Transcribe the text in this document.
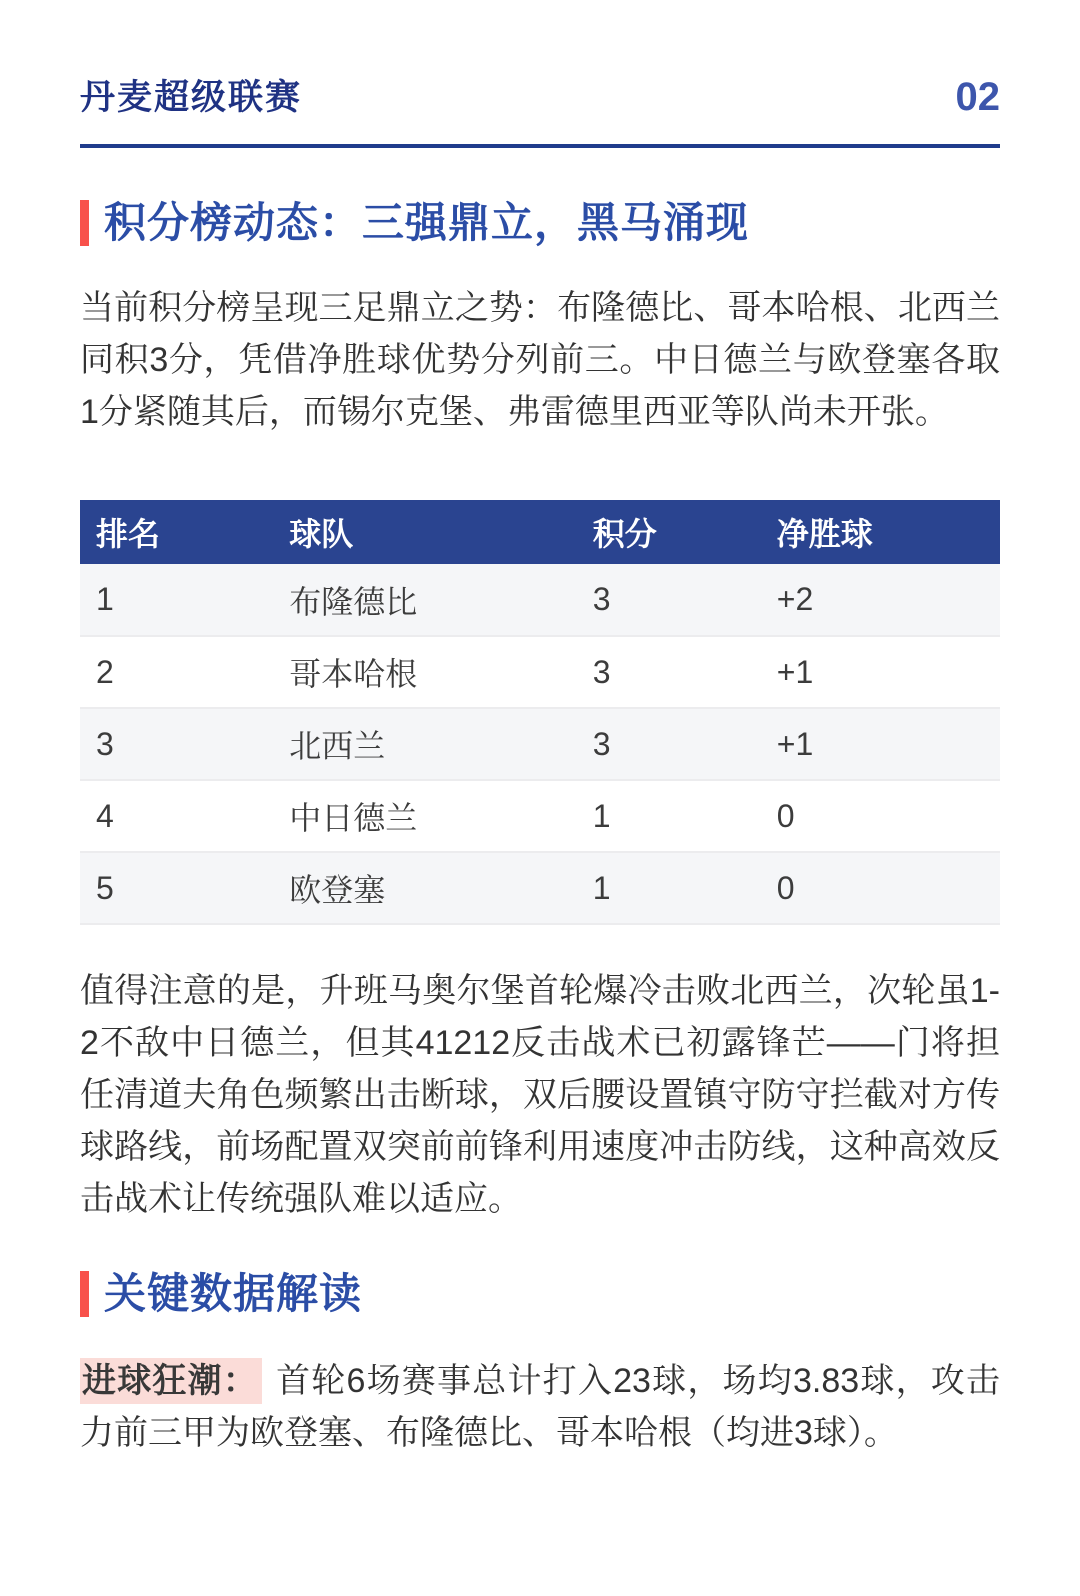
丹麦超级联赛	02
积分榜动态：三强鼎立，黑马涌现

当前积分榜呈现三足鼎立之势：布隆德比、哥本哈根、北西兰同积3分，凭借净胜球优势分列前三。中日德兰与欧登塞各取1分紧随其后，而锡尔克堡、弗雷德里西亚等队尚未开张。

排名	球队	积分	净胜球
1	布隆德比	3	+2
2	哥本哈根	3	+1
3	北西兰	3	+1
4	中日德兰	1	0
5	欧登塞	1	0

值得注意的是，升班马奥尔堡首轮爆冷击败北西兰，次轮虽1-2不敌中日德兰，但其41212反击战术已初露锋芒——门将担任清道夫角色频繁出击断球，双后腰设置镇守防守拦截对方传球路线，前场配置双突前前锋利用速度冲击防线，这种高效反击战术让传统强队难以适应。

关键数据解读

进球狂潮： 首轮6场赛事总计打入23球，场均3.83球，攻击力前三甲为欧登塞、布隆德比、哥本哈根（均进3球）。
